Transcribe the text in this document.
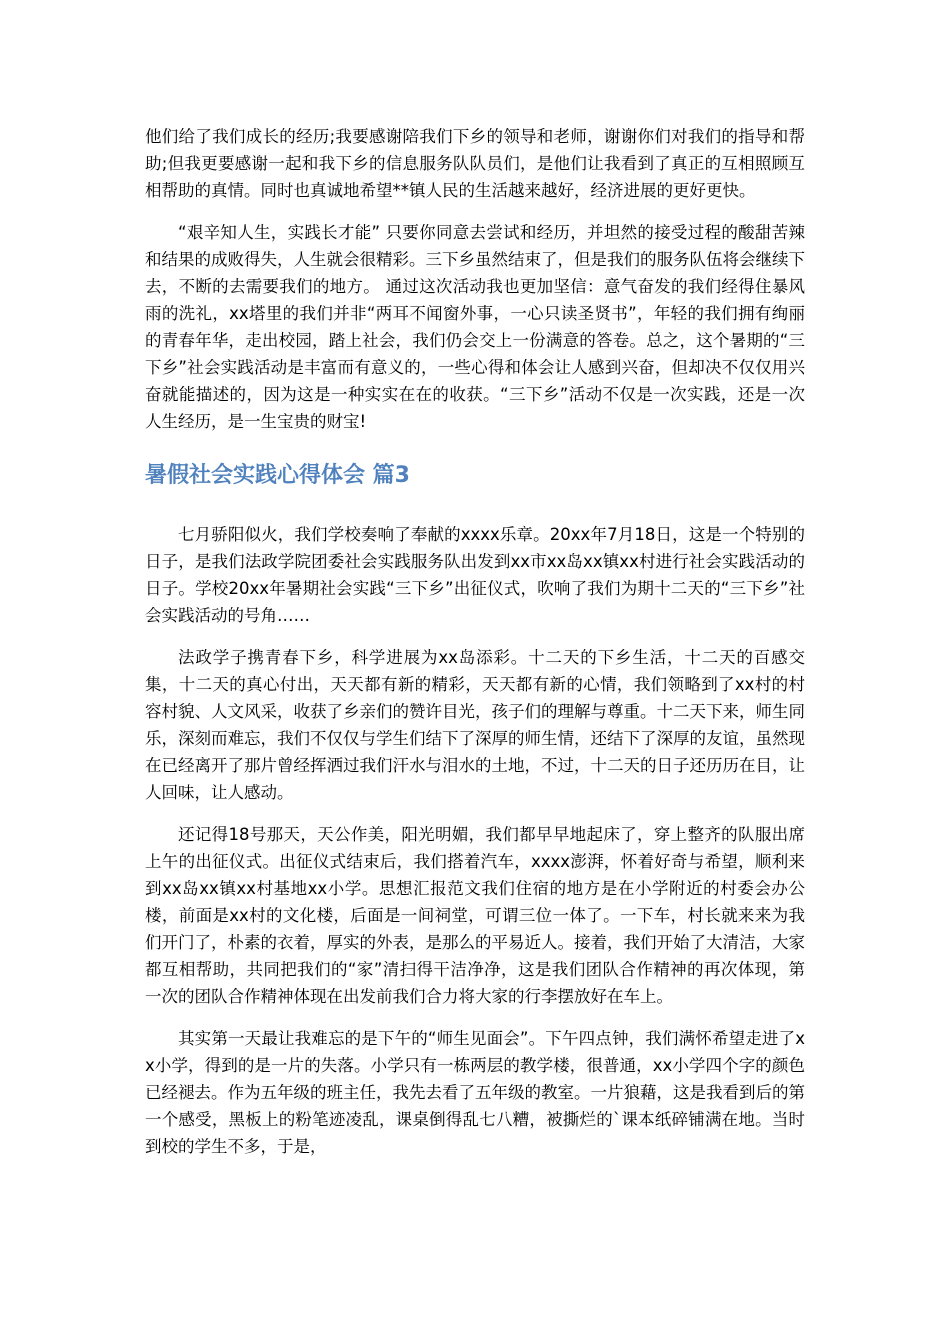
他们给了我们成长的经历;我要感谢陪我们下乡的领导和老师，谢谢你们对我们的指导和帮助;但我更要感谢一起和我下乡的信息服务队队员们，是他们让我看到了真正的互相照顾互相帮助的真情。同时也真诚地希望**镇人民的生活越来越好，经济进展的更好更快。

“艰辛知人生，实践长才能” 只要你同意去尝试和经历，并坦然的接受过程的酸甜苦辣和结果的成败得失，人生就会很精彩。三下乡虽然结束了，但是我们的服务队伍将会继续下去，不断的去需要我们的地方。 通过这次活动我也更加坚信：意气奋发的我们经得住暴风雨的洗礼，xx塔里的我们并非“两耳不闻窗外事，一心只读圣贤书”，年轻的我们拥有绚丽的青春年华，走出校园，踏上社会，我们仍会交上一份满意的答卷。总之，这个暑期的“三下乡”社会实践活动是丰富而有意义的，一些心得和体会让人感到兴奋，但却决不仅仅用兴奋就能描述的，因为这是一种实实在在的收获。“三下乡”活动不仅是一次实践，还是一次人生经历，是一生宝贵的财宝!

暑假社会实践心得体会 篇3

七月骄阳似火，我们学校奏响了奉献的xxxx乐章。20xx年7月18日，这是一个特别的日子，是我们法政学院团委社会实践服务队出发到xx市xx岛xx镇xx村进行社会实践活动的日子。学校20xx年暑期社会实践“三下乡”出征仪式，吹响了我们为期十二天的“三下乡”社会实践活动的号角……

法政学子携青春下乡，科学进展为xx岛添彩。十二天的下乡生活，十二天的百感交集，十二天的真心付出，天天都有新的精彩，天天都有新的心情，我们领略到了xx村的村容村貌、人文风采，收获了乡亲们的赞许目光，孩子们的理解与尊重。十二天下来，师生同乐，深刻而难忘，我们不仅仅与学生们结下了深厚的师生情，还结下了深厚的友谊，虽然现在已经离开了那片曾经挥洒过我们汗水与泪水的土地，不过，十二天的日子还历历在目，让人回味，让人感动。

还记得18号那天，天公作美，阳光明媚，我们都早早地起床了，穿上整齐的队服出席上午的出征仪式。出征仪式结束后，我们搭着汽车，xxxx澎湃，怀着好奇与希望，顺利来到xx岛xx镇xx村基地xx小学。思想汇报范文我们住宿的地方是在小学附近的村委会办公楼，前面是xx村的文化楼，后面是一间祠堂，可谓三位一体了。一下车，村长就来来为我们开门了，朴素的衣着，厚实的外表，是那么的平易近人。接着，我们开始了大清洁，大家都互相帮助，共同把我们的“家”清扫得干洁净净，这是我们团队合作精神的再次体现，第一次的团队合作精神体现在出发前我们合力将大家的行李摆放好在车上。

其实第一天最让我难忘的是下午的“师生见面会”。下午四点钟，我们满怀希望走进了xx小学，得到的是一片的失落。小学只有一栋两层的教学楼，很普通，xx小学四个字的颜色已经褪去。作为五年级的班主任，我先去看了五年级的教室。一片狼藉，这是我看到后的第一个感受，黑板上的粉笔迹凌乱，课桌倒得乱七八糟，被撕烂的`课本纸碎铺满在地。当时到校的学生不多，于是，
